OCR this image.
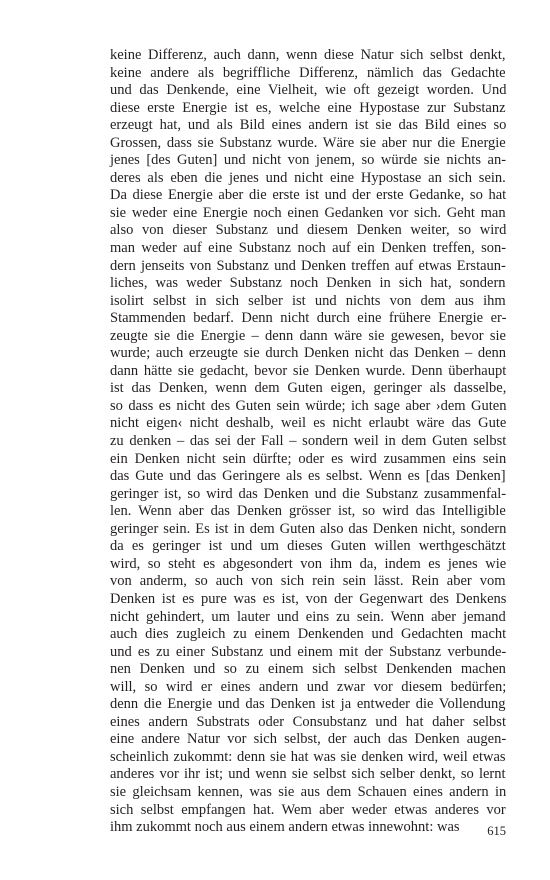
keine Differenz, auch dann, wenn diese Natur sich selbst denkt,
keine andere als begriffliche Differenz, nämlich das Gedachte
und das Denkende, eine Vielheit, wie oft gezeigt worden. Und
diese erste Energie ist es, welche eine Hypostase zur Substanz
erzeugt hat, und als Bild eines andern ist sie das Bild eines so
Grossen, dass sie Substanz wurde. Wäre sie aber nur die Energie
jenes [des Guten] und nicht von jenem, so würde sie nichts an-
deres als eben die jenes und nicht eine Hypostase an sich sein.
Da diese Energie aber die erste ist und der erste Gedanke, so hat
sie weder eine Energie noch einen Gedanken vor sich. Geht man
also von dieser Substanz und diesem Denken weiter, so wird
man weder auf eine Substanz noch auf ein Denken treffen, son-
dern jenseits von Substanz und Denken treffen auf etwas Erstaun-
liches, was weder Substanz noch Denken in sich hat, sondern
isolirt selbst in sich selber ist und nichts von dem aus ihm
Stammenden bedarf. Denn nicht durch eine frühere Energie er-
zeugte sie die Energie – denn dann wäre sie gewesen, bevor sie
wurde; auch erzeugte sie durch Denken nicht das Denken – denn
dann hätte sie gedacht, bevor sie Denken wurde. Denn überhaupt
ist das Denken, wenn dem Guten eigen, geringer als dasselbe,
so dass es nicht des Guten sein würde; ich sage aber ›dem Guten
nicht eigen‹ nicht deshalb, weil es nicht erlaubt wäre das Gute
zu denken – das sei der Fall – sondern weil in dem Guten selbst
ein Denken nicht sein dürfte; oder es wird zusammen eins sein
das Gute und das Geringere als es selbst. Wenn es [das Denken]
geringer ist, so wird das Denken und die Substanz zusammenfal-
len. Wenn aber das Denken grösser ist, so wird das Intelligible
geringer sein. Es ist in dem Guten also das Denken nicht, sondern
da es geringer ist und um dieses Guten willen werthgeschätzt
wird, so steht es abgesondert von ihm da, indem es jenes wie
von anderm, so auch von sich rein sein lässt. Rein aber vom
Denken ist es pure was es ist, von der Gegenwart des Denkens
nicht gehindert, um lauter und eins zu sein. Wenn aber jemand
auch dies zugleich zu einem Denkenden und Gedachten macht
und es zu einer Substanz und einem mit der Substanz verbunde-
nen Denken und so zu einem sich selbst Denkenden machen
will, so wird er eines andern und zwar vor diesem bedürfen;
denn die Energie und das Denken ist ja entweder die Vollendung
eines andern Substrats oder Consubstanz und hat daher selbst
eine andere Natur vor sich selbst, der auch das Denken augen-
scheinlich zukommt: denn sie hat was sie denken wird, weil etwas
anderes vor ihr ist; und wenn sie selbst sich selber denkt, so lernt
sie gleichsam kennen, was sie aus dem Schauen eines andern in
sich selbst empfangen hat. Wem aber weder etwas anderes vor
ihm zukommt noch aus einem andern etwas innewohnt: was	615
